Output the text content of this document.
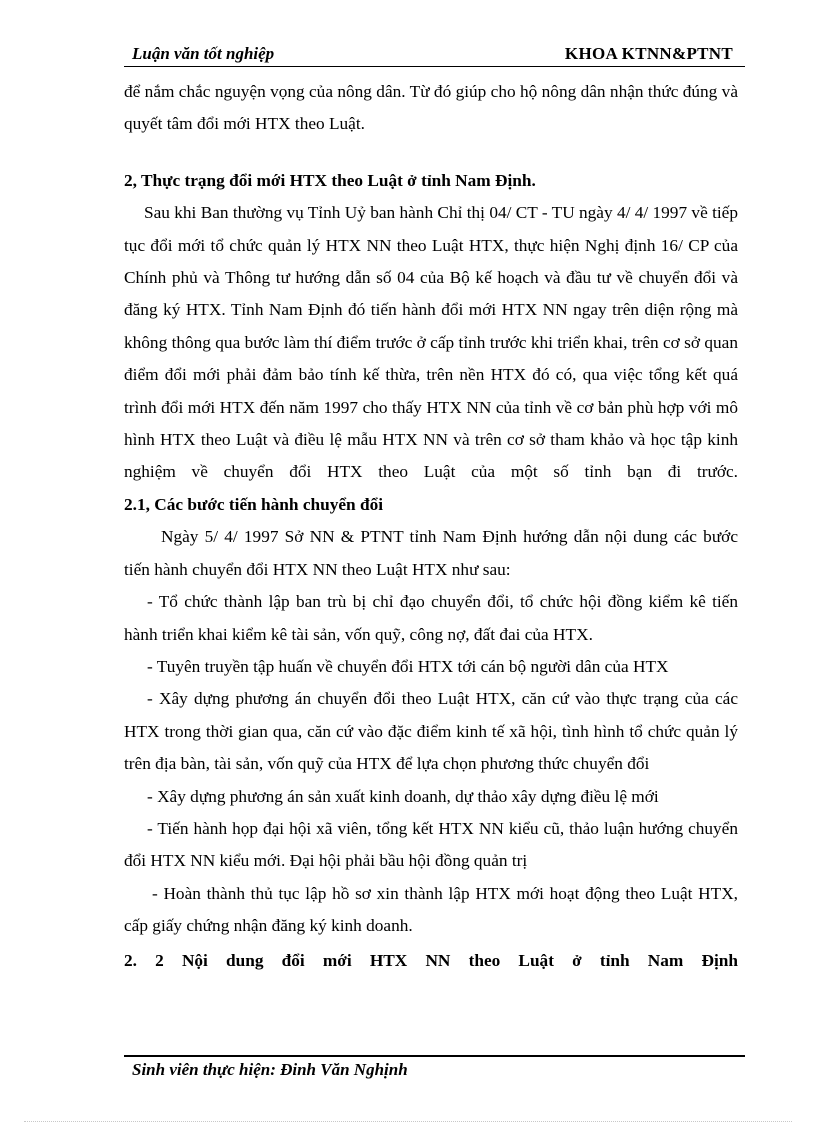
Luận văn tốt nghiệp	KHOA KTNN&PTNT

để nắm chắc nguyện vọng của nông dân. Từ đó giúp cho hộ nông dân nhận thức đúng và quyết tâm đổi mới HTX theo Luật.

2, Thực trạng đổi mới HTX theo Luật ở tỉnh Nam Định.

Sau khi Ban thường vụ Tỉnh Uỷ ban hành Chỉ thị 04/ CT - TU ngày 4/ 4/ 1997 về tiếp tục đổi mới tổ chức quản lý HTX NN theo Luật HTX, thực hiện Nghị định 16/ CP của Chính phủ và Thông tư hướng dẫn số 04 của Bộ kế hoạch và đầu tư về chuyển đổi và đăng ký HTX. Tỉnh Nam Định đó tiến hành đổi mới HTX NN ngay trên diện rộng mà không thông qua bước làm thí điểm trước ở cấp tỉnh trước khi triển khai, trên cơ sở quan điểm đổi mới phải đảm bảo tính kế thừa, trên nền HTX đó có, qua việc tổng kết quá trình đổi mới HTX đến năm 1997 cho thấy HTX NN của tỉnh về cơ bản phù hợp với mô hình HTX theo Luật và điều lệ mẫu HTX NN và trên cơ sở tham khảo và học tập kinh nghiệm về chuyển đổi HTX theo Luật của một số tỉnh bạn đi trước.

2.1, Các bước tiến hành chuyển đổi

Ngày 5/ 4/ 1997 Sở NN & PTNT tỉnh Nam Định hướng dẫn nội dung các bước tiến hành chuyển đổi HTX NN theo Luật HTX như sau:

- Tổ chức thành lập ban trù bị chỉ đạo chuyển đổi, tổ chức hội đồng kiểm kê tiến hành triển khai kiểm kê tài sản, vốn quỹ, công nợ, đất đai của HTX.

- Tuyên truyền tập huấn về chuyển đổi HTX tới cán bộ người dân của HTX

- Xây dựng phương án chuyển đổi theo Luật HTX, căn cứ vào thực trạng của các HTX trong thời gian qua, căn cứ vào đặc điểm kinh tế xã hội, tình hình tổ chức quản lý trên địa bàn, tài sản, vốn quỹ của HTX để lựa chọn phương thức chuyển đổi

- Xây dựng phương án sản xuất kinh doanh, dự thảo xây dựng điều lệ mới

- Tiến hành họp đại hội xã viên, tổng kết HTX NN kiểu cũ, thảo luận hướng chuyển đổi HTX NN kiểu mới. Đại hội phải bầu hội đồng quản trị

- Hoàn thành thủ tục lập hồ sơ xin thành lập HTX mới hoạt động theo Luật HTX, cấp giấy chứng nhận đăng ký kinh doanh.

2. 2 Nội dung đổi mới HTX NN theo Luật ở tỉnh Nam Định

Sinh viên thực hiện: Đinh Văn Nghịnh
